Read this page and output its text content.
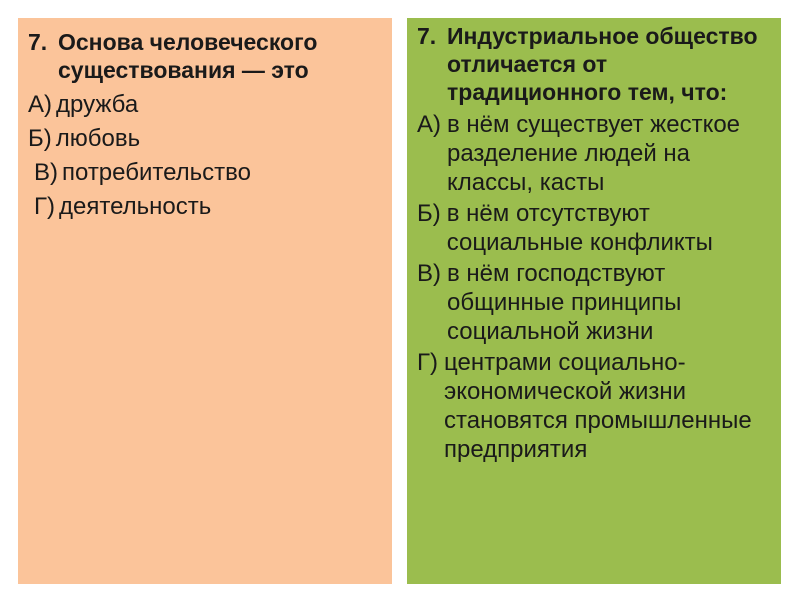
7. Основа человеческого существования — это
А) дружба
Б) любовь
В) потребительство
Г) деятельность
7. Индустриальное общество отличается от традиционного тем, что:
А) в нём существует жесткое разделение людей на классы, касты
Б) в нём отсутствуют социальные конфликты
В) в нём господствуют общинные принципы социальной жизни
Г) центрами социально-экономической жизни становятся промышленные предприятия
